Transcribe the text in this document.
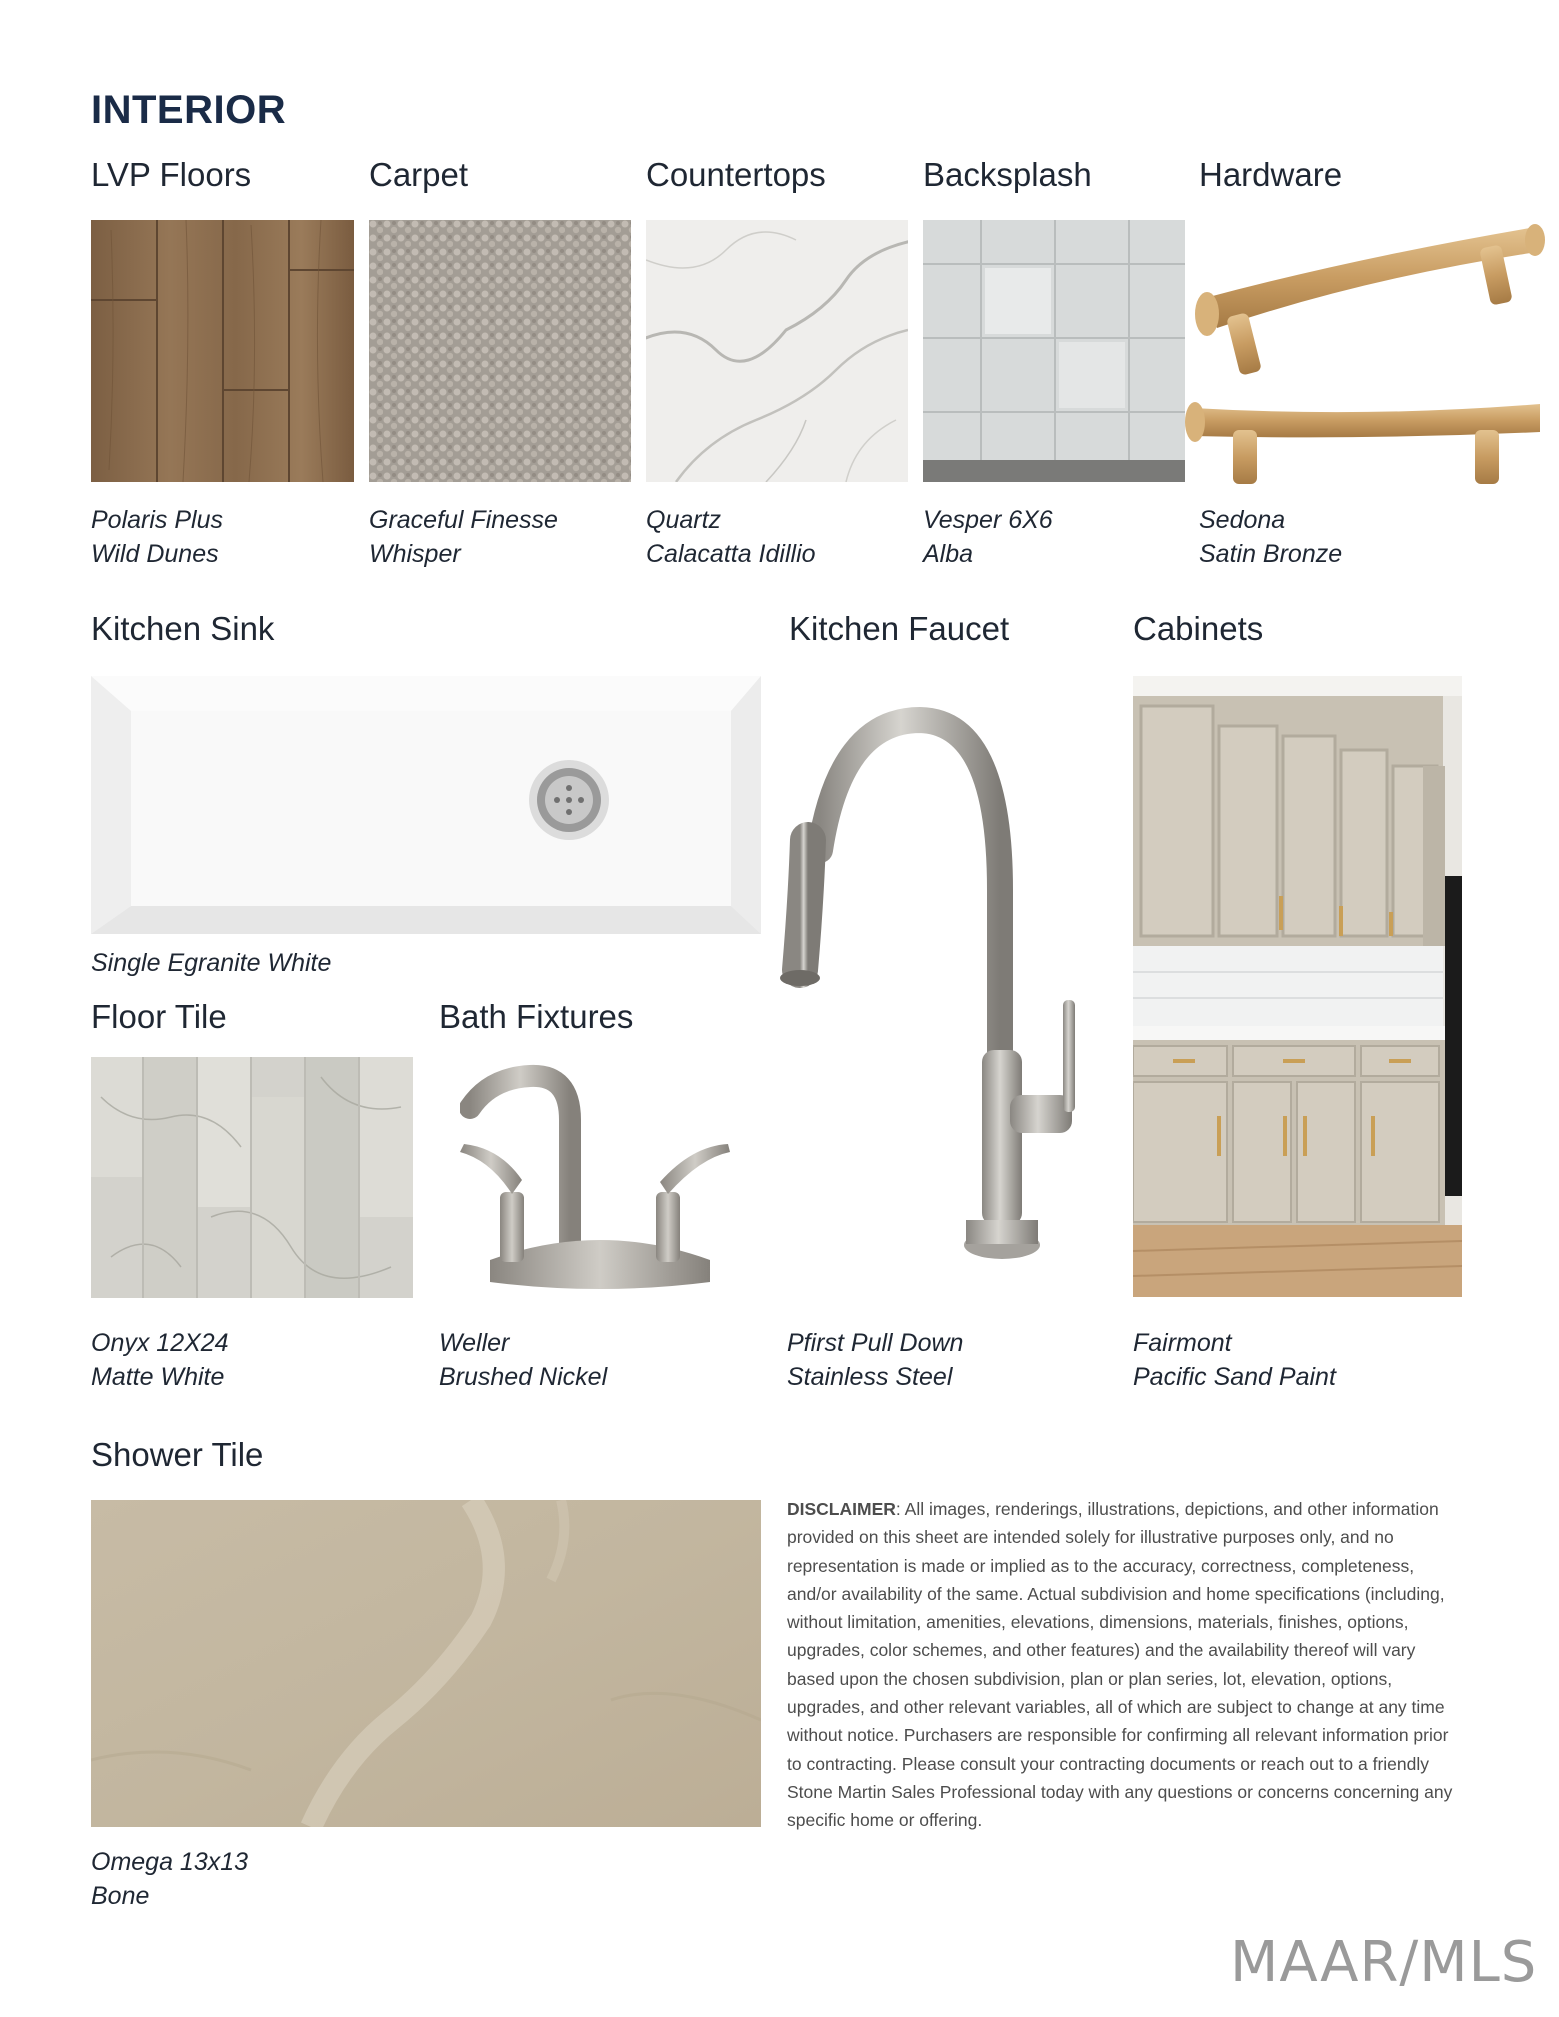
INTERIOR
LVP Floors
Polaris Plus
Wild Dunes
Carpet
Graceful Finesse
Whisper
Countertops
Quartz
Calacatta Idillio
Backsplash
Vesper 6X6
Alba
Hardware
Sedona
Satin Bronze
Kitchen Sink
Single Egranite White
Kitchen Faucet
Pfirst Pull Down
Stainless Steel
Cabinets
Fairmont
Pacific Sand Paint
Floor Tile
Onyx 12X24
Matte White
Bath Fixtures
Weller
Brushed Nickel
Shower Tile
Omega 13x13
Bone
DISCLAIMER: All images, renderings, illustrations, depictions, and other information provided on this sheet are intended solely for illustrative purposes only, and no representation is made or implied as to the accuracy, correctness, completeness, and/or availability of the same. Actual subdivision and home specifications (including, without limitation, amenities, elevations, dimensions, materials, finishes, options, upgrades, color schemes, and other features) and the availability thereof will vary based upon the chosen subdivision, plan or plan series, lot, elevation, options, upgrades, and other relevant variables, all of which are subject to change at any time without notice. Purchasers are responsible for confirming all relevant information prior to contracting. Please consult your contracting documents or reach out to a friendly Stone Martin Sales Professional today with any questions or concerns concerning any specific home or offering.
MAAR/MLS
